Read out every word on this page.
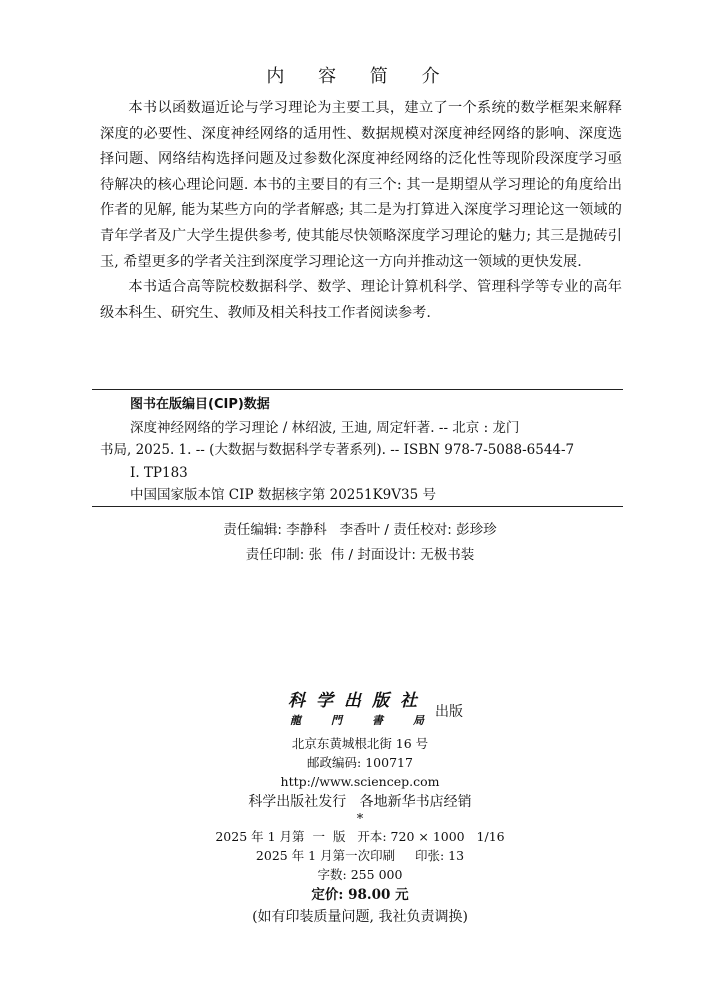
内 容 简 介

本书以函数逼近论与学习理论为主要工具，建立了一个系统的数学框架来解释深度的必要性、深度神经网络的适用性、数据规模对深度神经网络的影响、深度选择问题、网络结构选择问题及过参数化深度神经网络的泛化性等现阶段深度学习亟待解决的核心理论问题. 本书的主要目的有三个: 其一是期望从学习理论的角度给出作者的见解, 能为某些方向的学者解惑; 其二是为打算进入深度学习理论这一领域的青年学者及广大学生提供参考, 使其能尽快领略深度学习理论的魅力; 其三是抛砖引玉, 希望更多的学者关注到深度学习理论这一方向并推动这一领域的更快发展.

本书适合高等院校数据科学、数学、理论计算机科学、管理科学等专业的高年级本科生、研究生、教师及相关科技工作者阅读参考.

图书在版编目(CIP)数据
深度神经网络的学习理论 / 林绍波, 王迪, 周定轩著. -- 北京 : 龙门
书局, 2025. 1. -- (大数据与数据科学专著系列). -- ISBN 978-7-5088-6544-7
I. TP183
中国国家版本馆 CIP 数据核字第 20251K9V35 号
责任编辑: 李静科   李香叶 / 责任校对: 彭珍珍
责任印制: 张  伟 / 封面设计: 无极书装
科学出版社
龍門書局
出版
北京东黄城根北街 16 号
邮政编码: 100717
http://www.sciencep.com
科学出版社发行   各地新华书店经销
*
2025 年 1 月第  一  版   开本: 720 × 1000   1/16
2025 年 1 月第一次印刷     印张: 13
字数: 255 000
定价: 98.00 元
(如有印装质量问题, 我社负责调换)
